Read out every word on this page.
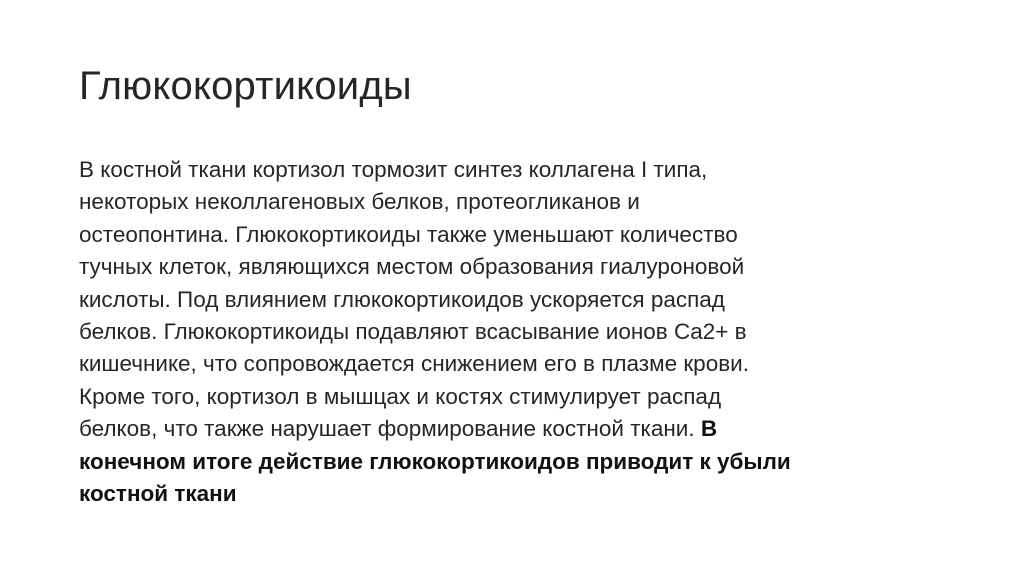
Глюкокортикоиды
В костной ткани кортизол тормозит синтез коллагена I типа,
некоторых неколлагеновых белков, протеогликанов и
остеопонтина. Глюкокортикоиды также уменьшают количество
тучных клеток, являющихся местом образования гиалуроновой
кислоты. Под влиянием глюкокортикоидов ускоряется распад
белков. Глюкокортикоиды подавляют всасывание ионов Ca2+ в
кишечнике, что сопровождается снижением его в плазме крови.
Кроме того, кортизол в мышцах и костях стимулирует распад
белков, что также нарушает формирование костной ткани. В
конечном итоге действие глюкокортикоидов приводит к убыли
костной ткани
